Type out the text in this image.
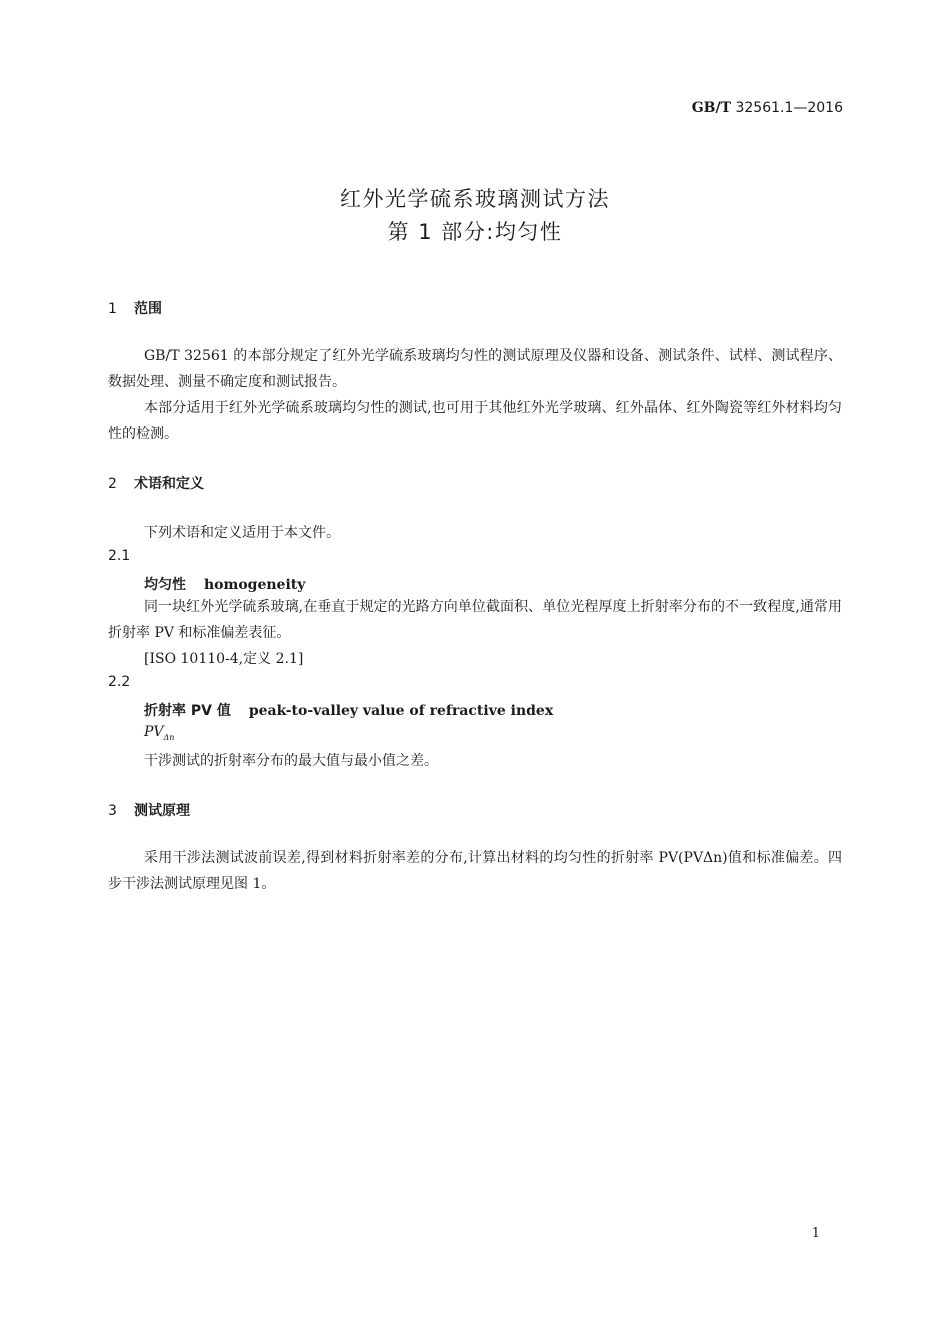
GB/T 32561.1—2016
红外光学硫系玻璃测试方法
第 1 部分:均匀性
1 范围

GB/T 32561 的本部分规定了红外光学硫系玻璃均匀性的测试原理及仪器和设备、测试条件、试样、测试程序、数据处理、测量不确定度和测试报告。

本部分适用于红外光学硫系玻璃均匀性的测试,也可用于其他红外光学玻璃、红外晶体、红外陶瓷等红外材料均匀性的检测。

2 术语和定义
下列术语和定义适用于本文件。
2.1
均匀性 homogeneity

同一块红外光学硫系玻璃,在垂直于规定的光路方向单位截面积、单位光程厚度上折射率分布的不一致程度,通常用折射率 PV 和标准偏差表征。

[ISO 10110-4,定义 2.1]
2.2
折射率 PV 值 peak-to-valley value of refractive index
$PV_{\Delta n}$
干涉测试的折射率分布的最大值与最小值之差。
3 测试原理

采用干涉法测试波前误差,得到材料折射率差的分布,计算出材料的均匀性的折射率 PV(PVΔn)值和标准偏差。四步干涉法测试原理见图 1。

1
